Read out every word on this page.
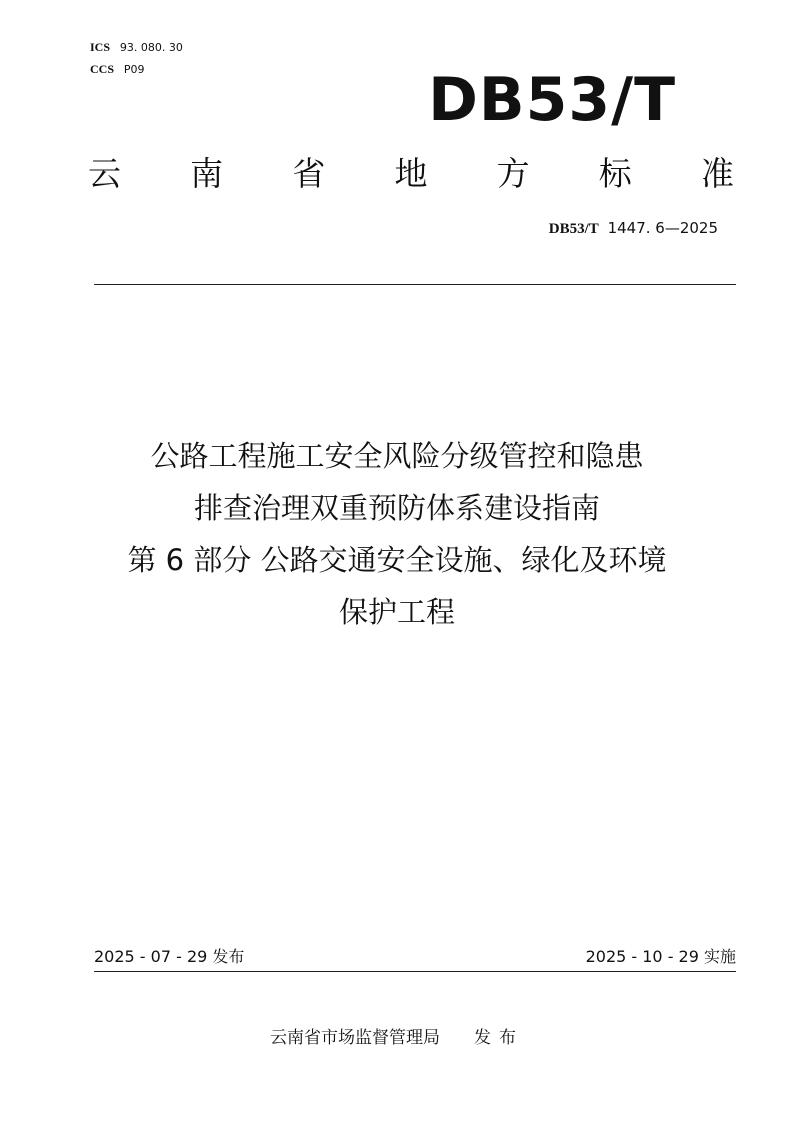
ICS 93. 080. 30
CCS P09	DB53/T
云 南 省 地 方 标 准
DB53/T 1447. 6—2025
公路工程施工安全风险分级管控和隐患
排查治理双重预防体系建设指南
第 6 部分 公路交通安全设施、绿化及环境
保护工程
2025 - 07 - 29 发布	2025 - 10 - 29 实施
云南省市场监督管理局 发布
